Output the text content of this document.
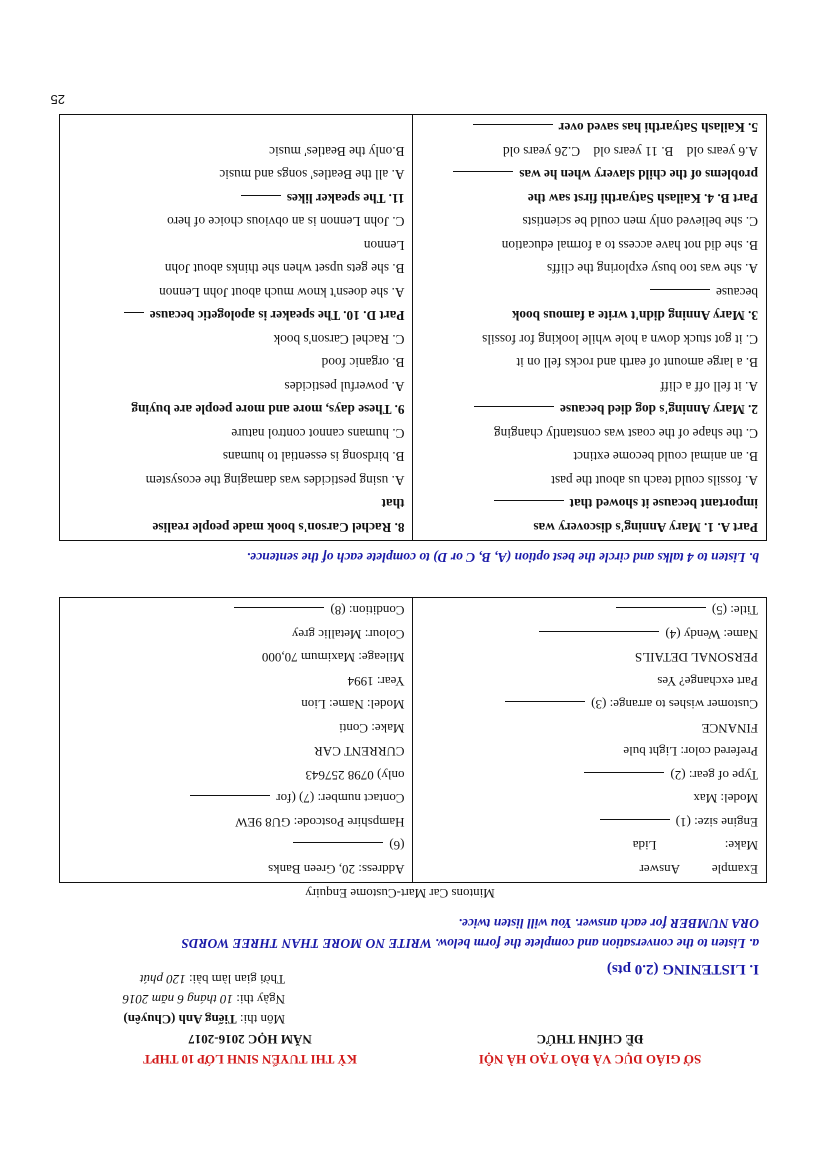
SỞ GIÁO DỤC VÀ ĐÀO TẠO HÀ NỘI
ĐỀ CHÍNH THỨC
KỲ THI TUYỂN SINH LỚP 10 THPT
NĂM HỌC 2016-2017
Môn thi: Tiếng Anh (Chuyên)
Ngày thi: 10 tháng 6 năm 2016
Thời gian làm bài: 120 phút
I. LISTENING (2.0 pts)
a. Listen to the conversation and complete the form below. WRITE NO MORE THAN THREE WORDS
ORA NUMBER for each answer. You will listen twice.
Mintons Car Mart-Custome Enquiry
Example          Answer
Make:                     Lida
Engine size: (1)
Model: Max
Type of gear: (2)
Prefered color: Light bule
FINANCE
Customer wishes to arrange: (3)
Part exchange? Yes
PERSONAL DETAILS
Name: Wendy (4)
Title: (5)

Address: 20, Green Banks
(6)
Hampshire Postcode: GU8 9EW
Contact number: (7) (for
only) 0798 257643
CURRENT CAR
Make: Conti
Model: Name: Lion
Year: 1994
Mileage: Maximum 70,000
Colour: Metallic grey
Condition: (8)
b. Listen to 4 talks and circle the best option (A, B, C or D) to complete each of the sentence.
Part A. 1. Mary Anning's discovery was
important because it showed that
A. fossils could teach us about the past
B. an animal could become extinct
C. the shape of the coast was constantly changing
2. Mary Anning's dog died because
A. it fell off a cliff
B. a large amount of earth and rocks fell on it
C. it got stuck down a hole while looking for fossils
3. Mary Anning didn't write a famous book
because
A. she was too busy exploring the cliffs
B. she did not have access to a formal education
C. she believed only men could be scientists
Part B. 4. Kailash Satyarthi first saw the
problems of the child slavery when he was
A.6 years old    B. 11 years old    C.26 years old
5. Kailash Satyarthi has saved over

8. Rachel Carson's book made people realise
that
A. using pesticides was damaging the ecosystem
B. birdsong is essential to humans
C. humans cannot control nature
9. These days, more and more people are buying
A. powerful pesticides
B. organic food
C. Rachel Carson's book
Part D. 10. The speaker is apologetic because
A. she doesn't know much about John Lennon
B. she gets upset when she thinks about John
Lennon
C. John Lennon is an obvious choice of hero
11. The speaker likes
A. all the Beatles' songs and music
B.only the Beatles' music
25
